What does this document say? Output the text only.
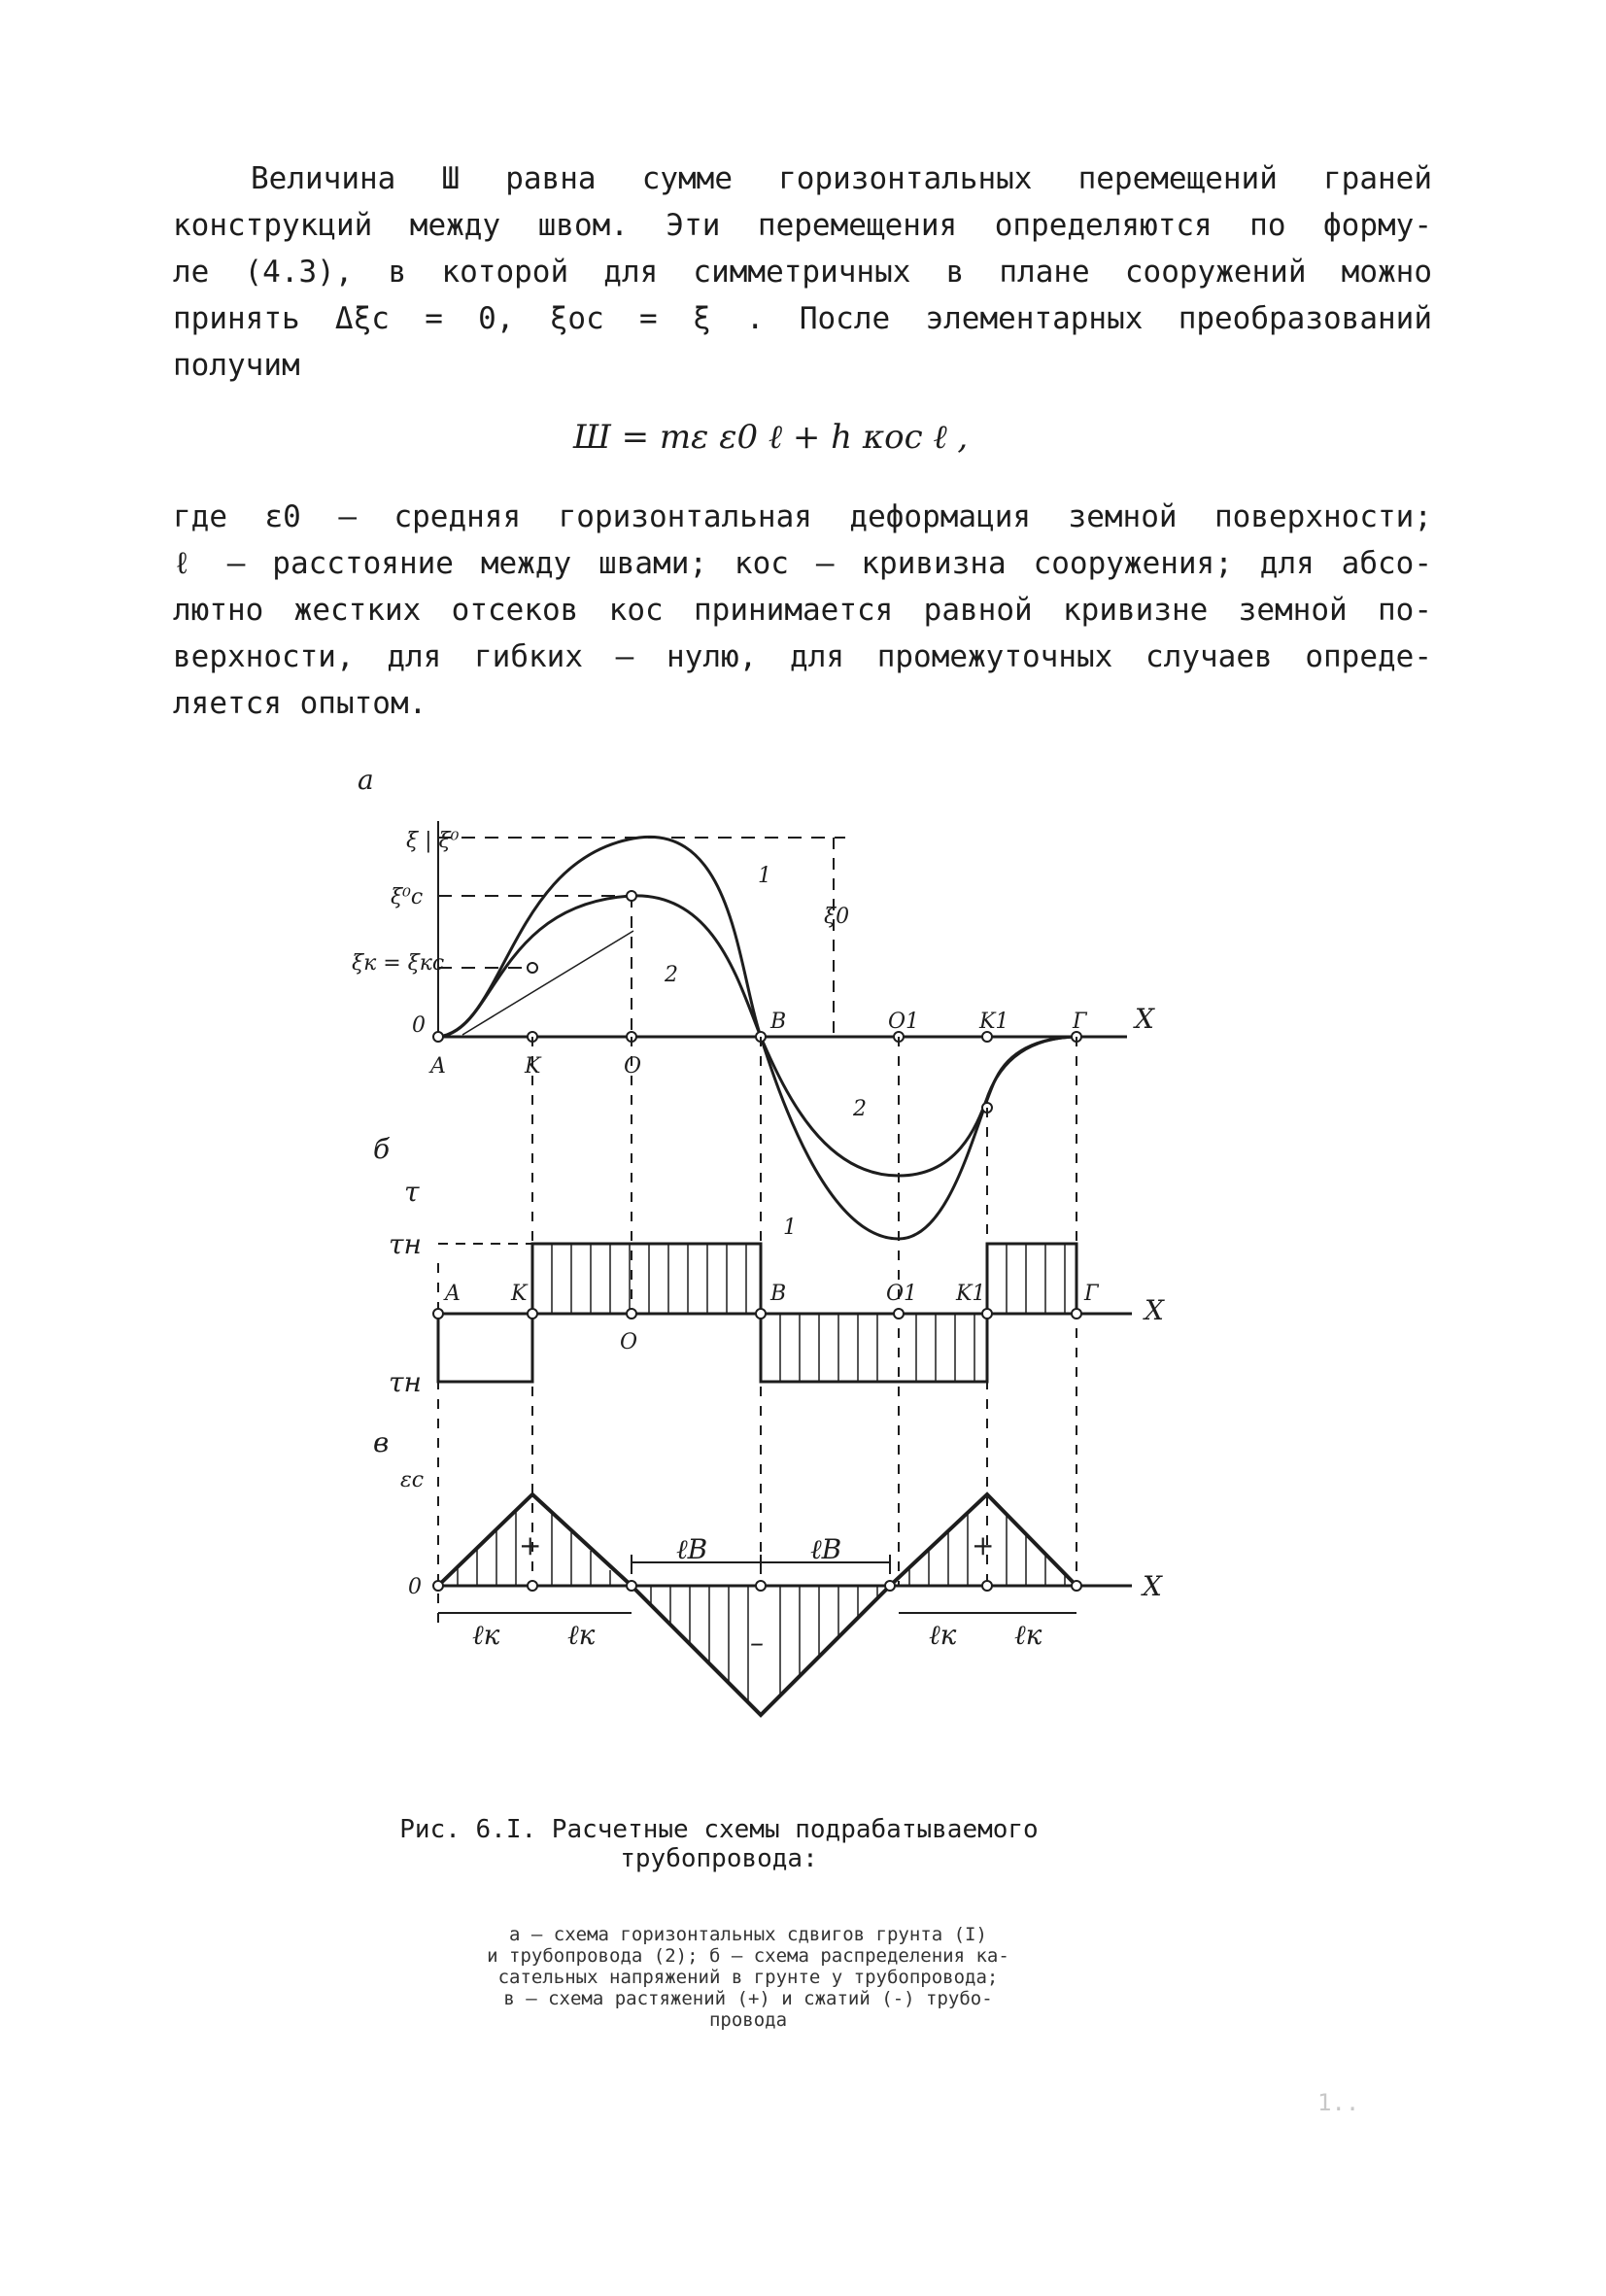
Величина Ш равна сумме горизонтальных перемещений граней
конструкций между швом. Эти перемещения определяются по форму-
ле (4.3), в которой для симметричных в плане сооружений можно
принять Δξc = 0, ξoc = ξ . После элементарных преобразований
получим
Ш = mε ε0 ℓ + h κoc ℓ ,
где ε0 – средняя горизонтальная деформация земной поверхности;
ℓ – расстояние между швами; κoc – кривизна сооружения; для абсо-
лютно жестких отсеков κoc принимается равной кривизне земной по-
верхности, для гибких – нулю, для промежуточных случаев опреде-
ляется опытом.
а
ξ | ξ⁰
ξ⁰c
ξк = ξкc
0	X
1
2
2
1
ξ0
A	K	O
B	O1	K1	Г
б
τ
τн
τн
X
A K
O
B	O1 K1	Г
в
εc
0	X
+	+
–
ℓB	ℓB
ℓк ℓк	ℓк ℓк
Рис. 6.I. Расчетные схемы подрабатываемого
трубопровода:
а – схема горизонтальных сдвигов грунта (I)
и трубопровода (2); б – схема распределения ка-
сательных напряжений в грунте у трубопровода;
в – схема растяжений (+) и сжатий (-) трубо-
провода
1..
